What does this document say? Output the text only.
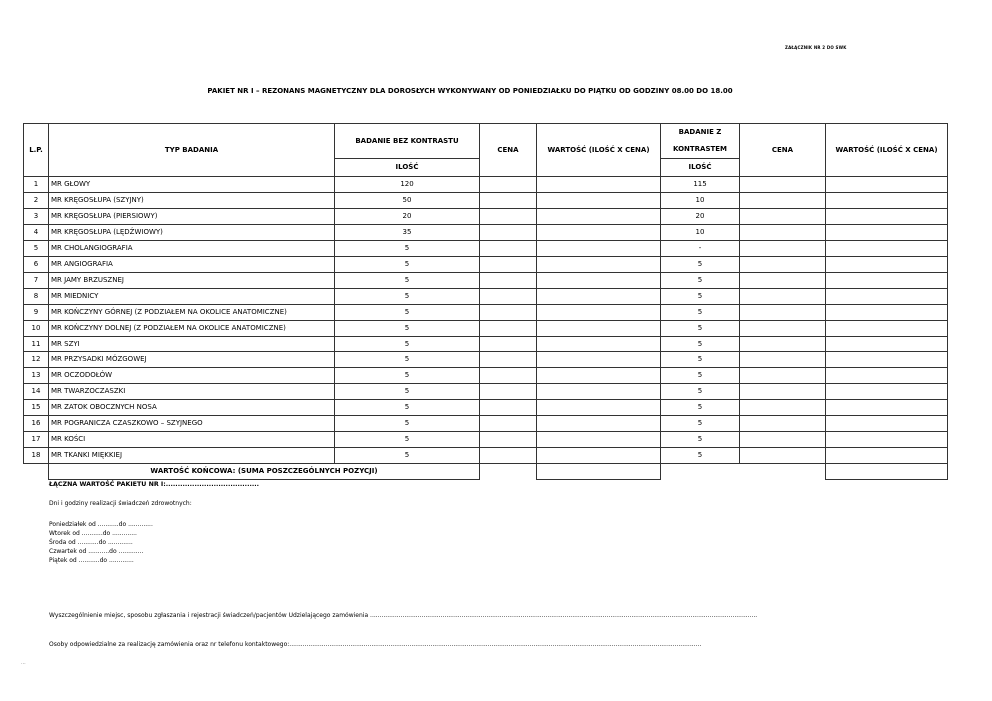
ZAŁĄCZNIK NR 2 DO SWK
PAKIET NR I – REZONANS MAGNETYCZNY DLA DOROSŁYCH WYKONYWANY OD PONIEDZIAŁKU DO PIĄTKU OD GODZINY 08.00 DO 18.00
L.P.	TYP BADANIA	BADANIE BEZ KONTRASTU	CENA	WARTOŚĆ (ILOŚĆ X CENA)	BADANIE Z KONTRASTEM	CENA	WARTOŚĆ (ILOŚĆ X CENA)
		ILOŚĆ			ILOŚĆ		
1	MR GŁOWY	120			115		
2	MR KRĘGOSŁUPA (SZYJNY)	50			10		
3	MR KRĘGOSŁUPA (PIERSIOWY)	20			20		
4	MR KRĘGOSŁUPA (LĘDŹWIOWY)	35			10		
5	MR CHOLANGIOGRAFIA	5			-		
6	MR ANGIOGRAFIA	5			5		
7	MR JAMY BRZUSZNEJ	5			5		
8	MR MIEDNICY	5			5		
9	MR KOŃCZYNY GÓRNEJ (Z PODZIAŁEM NA OKOLICE ANATOMICZNE)	5			5		
10	MR KOŃCZYNY DOLNEJ (Z PODZIAŁEM NA OKOLICE ANATOMICZNE)	5			5		
11	MR SZYI	5			5		
12	MR PRZYSADKI MÓZGOWEJ	5			5		
13	MR OCZODOŁÓW	5			5		
14	MR TWARZOCZASZKI	5			5		
15	MR ZATOK OBOCZNYCH NOSA	5			5		
16	MR POGRANICZA CZASZKOWO – SZYJNEGO	5			5		
17	MR KOŚCI	5			5		
18	MR TKANKI MIĘKKIEJ	5			5		
	WARTOŚĆ KOŃCOWA: (SUMA POSZCZEGÓLNYCH POZYCJI)						
ŁĄCZNA WARTOŚĆ PAKIETU NR I:.......................................
Dni i godziny realizacji świadczeń zdrowotnych:
Poniedziałek od ...........do .............
Wtorek od ...........do .............
Środa od ...........do .............
Czwartek od ...........do .............
Piątek od ...........do .............
Wyszczególnienie miejsc, sposobu zgłaszania i rejestracji świadczeń/pacjentów Udzielającego zamówienia ...........................................................................................................................................................................................................
Osoby odpowiedzialne za realizację zamówienia oraz nr telefonu kontaktowego:........................................................................................................................................................................................................................
...
